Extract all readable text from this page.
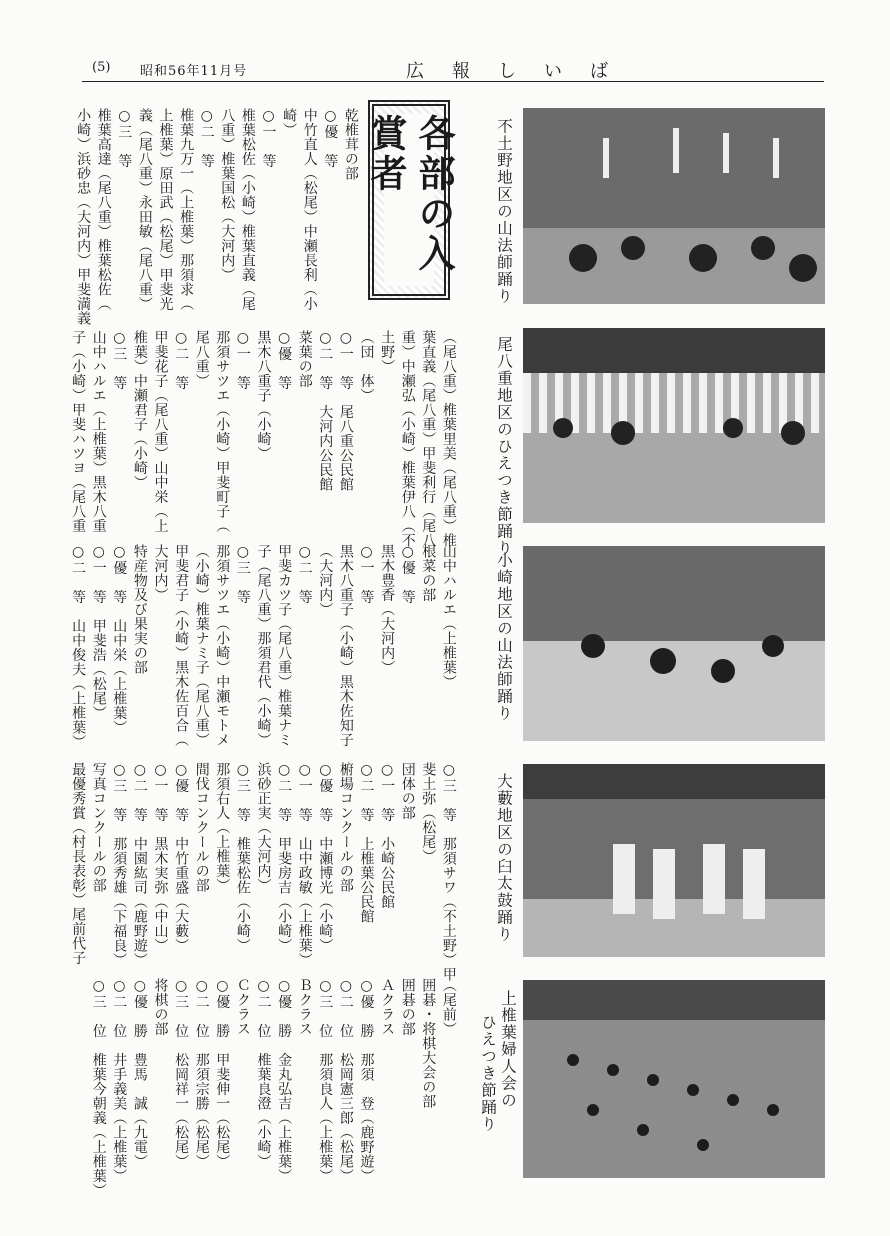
(5) 昭和56年11月号	広報しいば
各部の入賞者
乾椎茸の部
○優　等
中竹直人（松尾）中瀬長利（小
崎）
○一　等
椎葉松佐（小崎）椎葉直義（尾
八重）椎葉国松（大河内）
○二　等
椎葉九万一（上椎葉）那須求（
上椎葉）原田武（松尾）甲斐光
義（尾八重）永田敏（尾八重）
○三　等
椎葉高達（尾八重）椎葉松佐（
小崎）浜砂忠（大河内）甲斐満義
（尾八重）椎葉里美（尾八重）椎
葉直義（尾八重）甲斐利行（尾八
重）中瀬弘（小崎）椎葉伊八（不
土野）
（団　体）
○一　等　尾八重公民館
○二　等　大河内公民館
菜葉の部
○優　等
黒木八重子（小崎）
○一　等
那須サツエ（小崎）甲斐町子（
尾八重）
○二　等
甲斐花子（尾八重）山中栄（上
椎葉）中瀬君子（小崎）
○三　等
山中ハルエ（上椎葉）黒木八重
子（小崎）甲斐ハツヨ（尾八重
山中ハルエ（上椎葉）
根菜の部
○優　等
黒木豊香（大河内）
○一　等
黒木八重子（小崎）黒木佐知子
（大河内）
○二　等
甲斐カツ子（尾八重）椎葉ナミ
子（尾八重）那須君代（小崎）
○三　等
那須サツエ（小崎）中瀬モトメ
（小崎）椎葉ナミ子（尾八重）
甲斐君子（小崎）黒木佐百合（
大河内）
特産物及び果実の部
○優　等　山中栄（上椎葉）
○一　等　甲斐浩（松尾）
○二　等　山中俊夫（上椎葉）
○三　等　那須サワ（不土野）甲
斐土弥（松尾）
団体の部
○一　等　小崎公民館
○二　等　上椎葉公民館
椨場コンクールの部
○優　等　中瀬博光（小崎）
○一　等　山中政敏（上椎葉）
○二　等　甲斐房吉（小崎）
浜砂正実（大河内）
○三　等　椎葉松佐（小崎）
那須右人（上椎葉）
間伐コンクールの部
○優　等　中竹重盛（大藪）
○一　等　黒木実弥（中山）
○二　等　中園紘司（鹿野遊）
○三　等　那須秀雄（下福良）
写真コンクールの部
最優秀賞（村長表彰）尾前代子
（尾前）
囲碁・将棋大会の部
囲碁の部
Ａクラス
○優　勝　那須　登（鹿野遊）
○二　位　松岡憲三郎（松尾）
○三　位　那須良人（上椎葉）
Ｂクラス
○優　勝　金丸弘吉（上椎葉）
○二　位　椎葉良澄（小崎）
Ｃクラス
○優　勝　甲斐伸一（松尾）
○二　位　那須宗勝（松尾）
○三　位　松岡祥一（松尾）
将棋の部
○優　勝　豊馬　誠（九電）
○二　位　井手義美（上椎葉）
○三　位　椎葉今朝義（上椎葉）
不土野地区の山法師踊り
尾八重地区のひえつき節踊り
小崎地区の山法師踊り
大藪地区の臼太鼓踊り
上椎葉婦人会の
ひえつき節踊り
